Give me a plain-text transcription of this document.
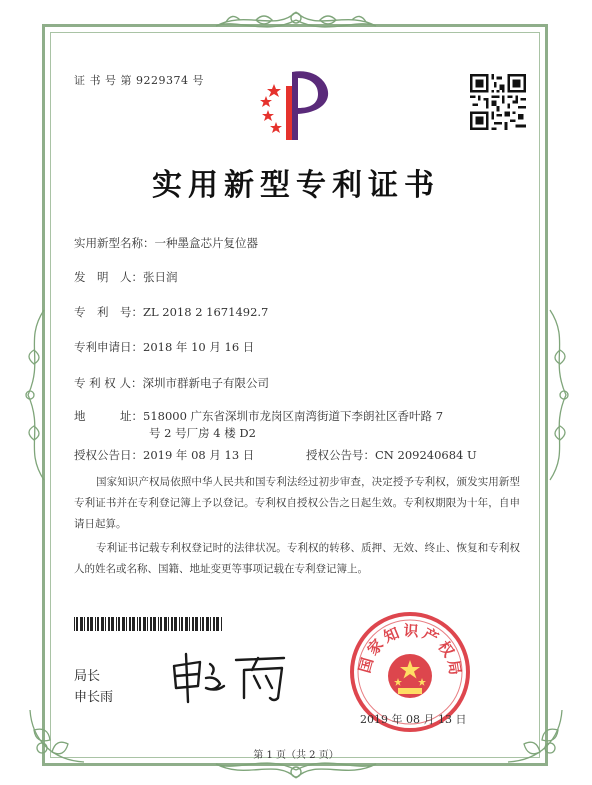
证 书 号 第 9229374 号
实用新型专利证书
实用新型名称：一种墨盒芯片复位器
发　明　人：张日润
专　利　号：ZL 2018 2 1671492.7
专利申请日：2018 年 10 月 16 日
专 利 权 人：深圳市群新电子有限公司
地　　　址：518000 广东省深圳市龙岗区南湾街道下李朗社区香叶路 7
号 2 号厂房 4 楼 D2
授权公告日：2019 年 08 月 13 日	授权公告号：CN 209240684 U
国家知识产权局依照中华人民共和国专利法经过初步审查，决定授予专利权，颁发实用新型专利证书并在专利登记簿上予以登记。专利权自授权公告之日起生效。专利权期限为十年，自申请日起算。
专利证书记载专利权登记时的法律状况。专利权的转移、质押、无效、终止、恢复和专利权人的姓名或名称、国籍、地址变更等事项记载在专利登记簿上。
局长
申长雨
国家知识产权局
2019 年 08 月 13 日
第 1 页（共 2 页）
